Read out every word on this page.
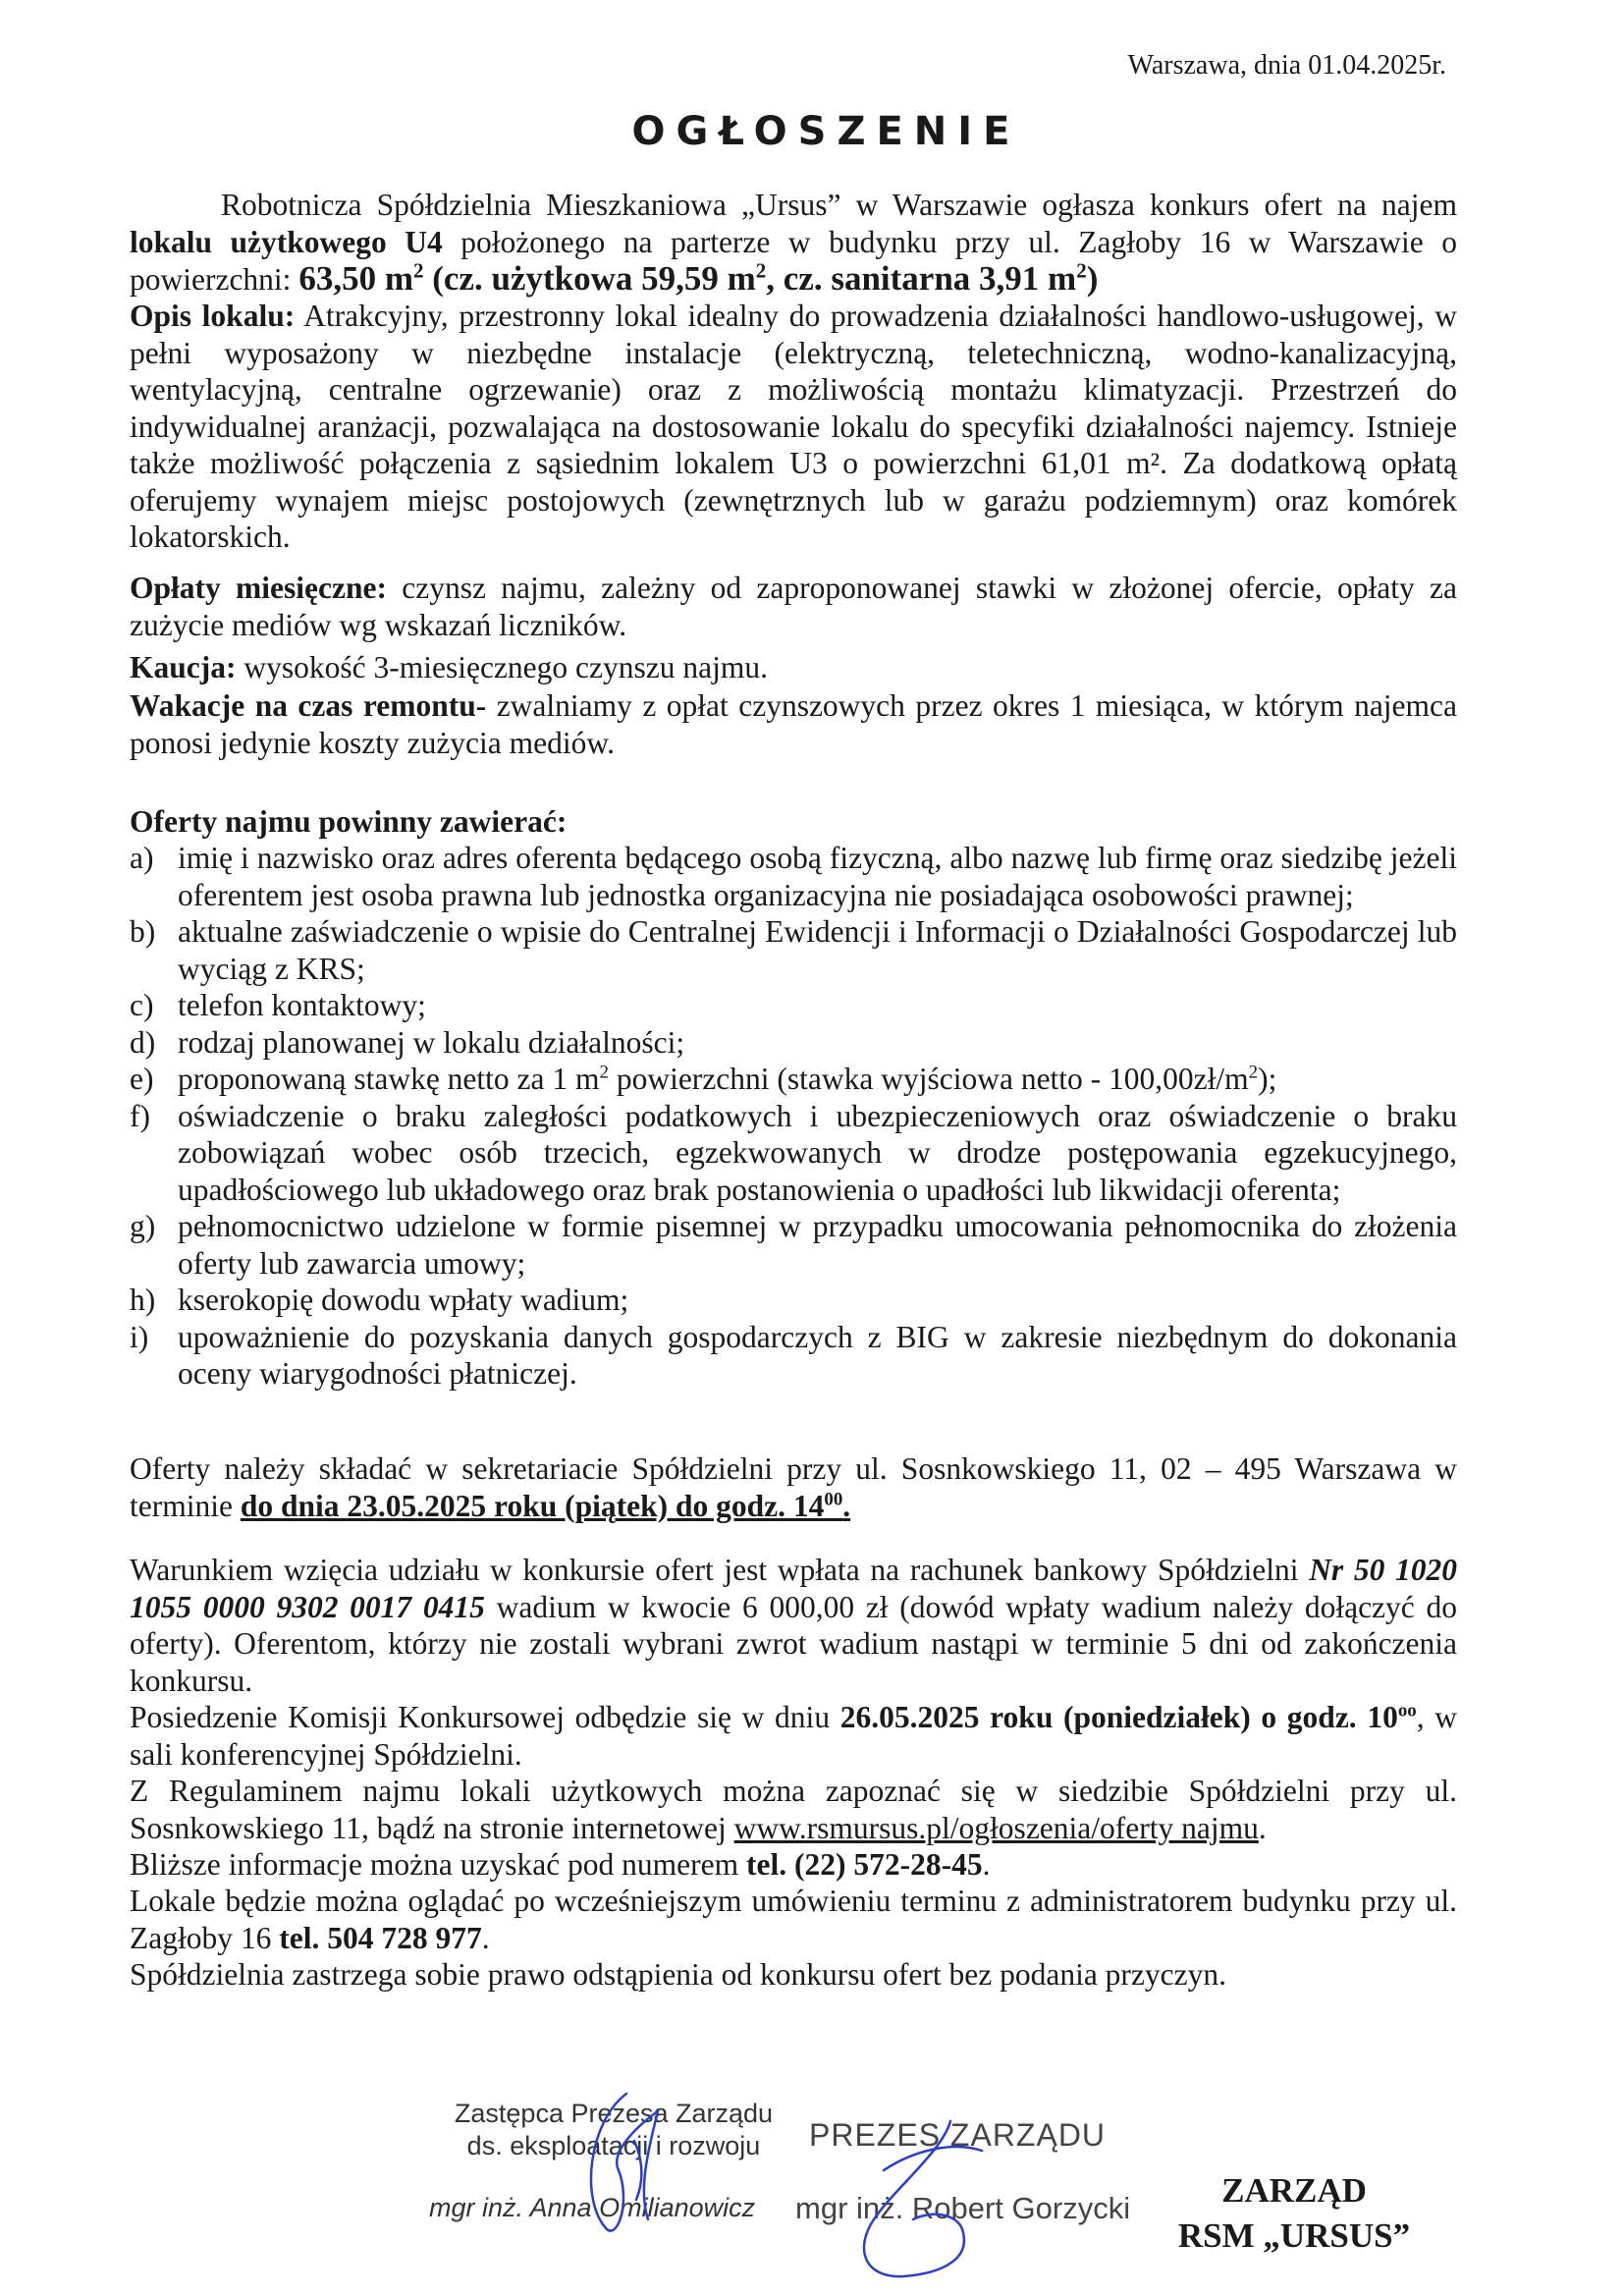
Warszawa, dnia 01.04.2025r.
OGŁOSZENIE
Robotnicza Spółdzielnia Mieszkaniowa „Ursus” w Warszawie ogłasza konkurs ofert na najem lokalu użytkowego U4 położonego na parterze w budynku przy ul. Zagłoby 16 w Warszawie o powierzchni: 63,50 $m^2$ (cz. użytkowa 59,59 $m^2$, cz. sanitarna 3,91 $m^2$)
Opis lokalu: Atrakcyjny, przestronny lokal idealny do prowadzenia działalności handlowo-usługowej, w pełni wyposażony w niezbędne instalacje (elektryczną, teletechniczną, wodno-kanalizacyjną, wentylacyjną, centralne ogrzewanie) oraz z możliwością montażu klimatyzacji. Przestrzeń do indywidualnej aranżacji, pozwalająca na dostosowanie lokalu do specyfiki działalności najemcy. Istnieje także możliwość połączenia z sąsiednim lokalem U3 o powierzchni 61,01 m². Za dodatkową opłatą oferujemy wynajem miejsc postojowych (zewnętrznych lub w garażu podziemnym) oraz komórek lokatorskich.
Opłaty miesięczne: czynsz najmu, zależny od zaproponowanej stawki w złożonej ofercie, opłaty za zużycie mediów wg wskazań liczników.
Kaucja: wysokość 3-miesięcznego czynszu najmu.
Wakacje na czas remontu- zwalniamy z opłat czynszowych przez okres 1 miesiąca, w którym najemca ponosi jedynie koszty zużycia mediów.
Oferty najmu powinny zawierać:
a) imię i nazwisko oraz adres oferenta będącego osobą fizyczną, albo nazwę lub firmę oraz siedzibę jeżeli oferentem jest osoba prawna lub jednostka organizacyjna nie posiadająca osobowości prawnej;
b) aktualne zaświadczenie o wpisie do Centralnej Ewidencji i Informacji o Działalności Gospodarczej lub wyciąg z KRS;
c) telefon kontaktowy;
d) rodzaj planowanej w lokalu działalności;
e) proponowaną stawkę netto za 1 $m^2$ powierzchni (stawka wyjściowa netto - $100,00zł/m^2$);
f) oświadczenie o braku zaległości podatkowych i ubezpieczeniowych oraz oświadczenie o braku zobowiązań wobec osób trzecich, egzekwowanych w drodze postępowania egzekucyjnego, upadłościowego lub układowego oraz brak postanowienia o upadłości lub likwidacji oferenta;
g) pełnomocnictwo udzielone w formie pisemnej w przypadku umocowania pełnomocnika do złożenia oferty lub zawarcia umowy;
h) kserokopię dowodu wpłaty wadium;
i) upoważnienie do pozyskania danych gospodarczych z BIG w zakresie niezbędnym do dokonania oceny wiarygodności płatniczej.
Oferty należy składać w sekretariacie Spółdzielni przy ul. Sosnkowskiego 11, 02 – 495 Warszawa w terminie do dnia 23.05.2025 roku (piątek) do godz. $14^{00}$.
Warunkiem wzięcia udziału w konkursie ofert jest wpłata na rachunek bankowy Spółdzielni Nr 50 1020 1055 0000 9302 0017 0415 wadium w kwocie 6 000,00 zł (dowód wpłaty wadium należy dołączyć do oferty). Oferentom, którzy nie zostali wybrani zwrot wadium nastąpi w terminie 5 dni od zakończenia konkursu.
Posiedzenie Komisji Konkursowej odbędzie się w dniu 26.05.2025 roku (poniedziałek) o godz. $10^{oo}$, w sali konferencyjnej Spółdzielni.
Z Regulaminem najmu lokali użytkowych można zapoznać się w siedzibie Spółdzielni przy ul. Sosnkowskiego 11, bądź na stronie internetowej www.rsmursus.pl/ogłoszenia/oferty najmu.
Bliższe informacje można uzyskać pod numerem tel. (22) 572-28-45.
Lokale będzie można oglądać po wcześniejszym umówieniu terminu z administratorem budynku przy ul. Zagłoby 16 tel. 504 728 977.
Spółdzielnia zastrzega sobie prawo odstąpienia od konkursu ofert bez podania przyczyn.
Zastępca Prezesa Zarządu
ds. eksploatacji i rozwoju
mgr inż. Anna Omilianowicz
PREZES ZARZĄDU
mgr inż. Robert Gorzycki	ZARZĄD
RSM „URSUS”
